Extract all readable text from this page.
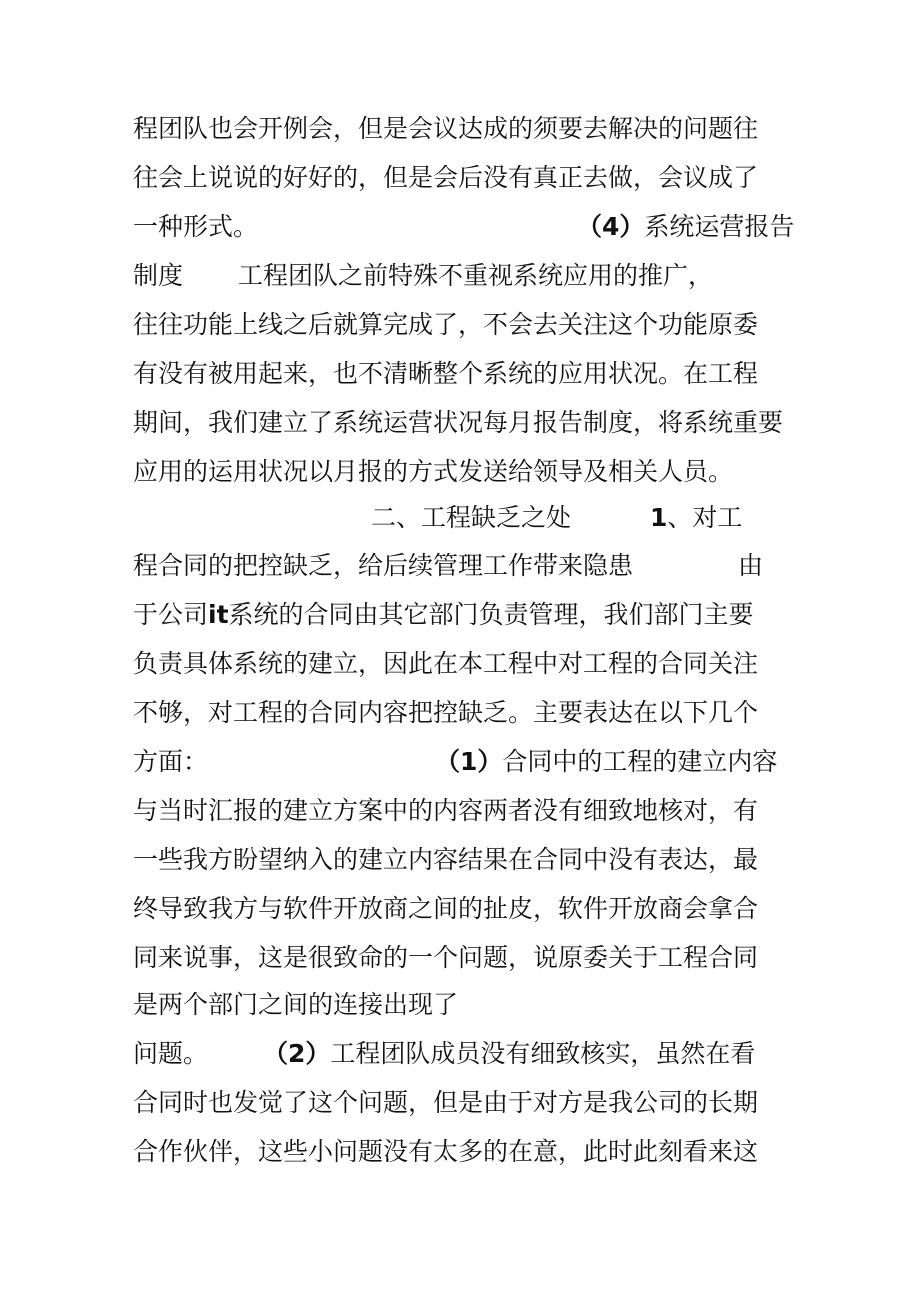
程团队也会开例会，但是会议达成的须要去解决的问题往
往会上说说的好好的，但是会后没有真正去做，会议成了
一种形式。	（4）系统运营报告
制度 工程团队之前特殊不重视系统应用的推广，
往往功能上线之后就算完成了，不会去关注这个功能原委
有没有被用起来，也不清晰整个系统的应用状况。在工程
期间，我们建立了系统运营状况每月报告制度，将系统重要
应用的运用状况以月报的方式发送给领导及相关人员。
二、工程缺乏之处	1、对工
程合同的把控缺乏，给后续管理工作带来隐患	由
于公司it系统的合同由其它部门负责管理，我们部门主要
负责具体系统的建立，因此在本工程中对工程的合同关注
不够，对工程的合同内容把控缺乏。主要表达在以下几个
方面：	（1）合同中的工程的建立内容
与当时汇报的建立方案中的内容两者没有细致地核对，有
一些我方盼望纳入的建立内容结果在合同中没有表达，最
终导致我方与软件开放商之间的扯皮，软件开放商会拿合
同来说事，这是很致命的一个问题，说原委关于工程合同
是两个部门之间的连接出现了
问题。 （2）工程团队成员没有细致核实，虽然在看
合同时也发觉了这个问题，但是由于对方是我公司的长期
合作伙伴，这些小问题没有太多的在意，此时此刻看来这
